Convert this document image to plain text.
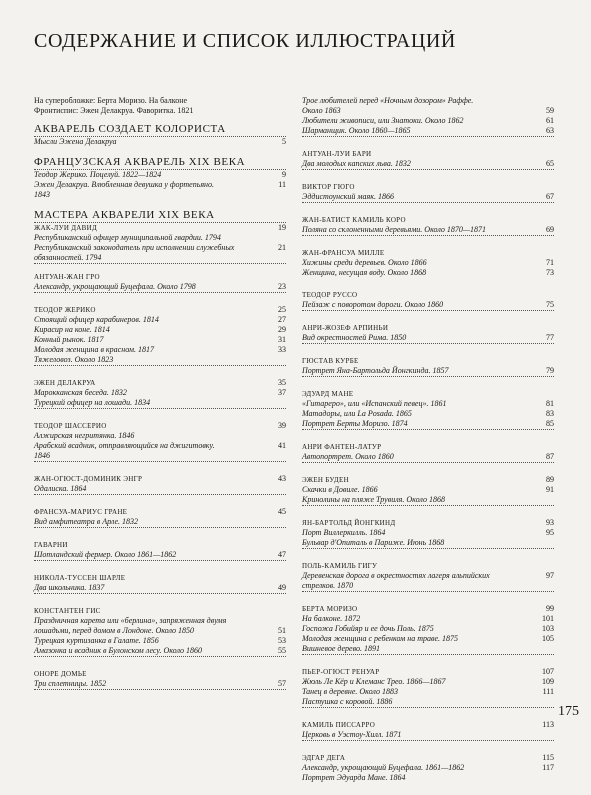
СОДЕРЖАНИЕ И СПИСОК ИЛЛЮСТРАЦИЙ
На суперобложке: Берта Моризо. На балконе
Фронтиспис: Эжен Делакруа. Фаворитка. 1821
АКВАРЕЛЬ СОЗДАЕТ КОЛОРИСТА
5
Мысли Эжена Делакруа
ФРАНЦУЗСКАЯ АКВАРЕЛЬ XIX ВЕКА
9
Теодор Жерико. Поцелуй. 1822—1824
11
Эжен Делакруа. Влюбленная девушка у фортепьяно.
1843
МАСТЕРА АКВАРЕЛИ XIX ВЕКА
19
ЖАК-ЛУИ ДАВИД
Республиканский офицер муниципальной гвардии. 1794
21
Республиканский законодатель при исполнении служебных
обязанностей. 1794
АНТУАН-ЖАН ГРО
23
Александр, укрощающий Буцефала. Около 1798
25
ТЕОДОР ЖЕРИКО
27
Стоящий офицер карабинеров. 1814
29
Кирасир на коне. 1814
31
Конный рынок. 1817
33
Молодая женщина в красном. 1817
Тяжеловоз. Около 1823
35
ЭЖЕН ДЕЛАКРУА
37
Марокканская беседа. 1832
Турецкий офицер на лошади. 1834
39
ТЕОДОР ШАССЕРИО
Алжирская негритянка. 1846
41
Арабский всадник, отправляющийся на джигитовку.
1846
43
ЖАН-ОГЮСТ-ДОМИНИК ЭНГР
Одалиска. 1864
45
ФРАНСУА-МАРИУС ГРАНЕ
Вид амфитеатра в Арле. 1832
ГАВАРНИ
47
Шотландский фермер. Около 1861—1862
НИКОЛА-ТУССЕН ШАРЛЕ
49
Два школьника. 1837
КОНСТАНТЕН ГИС
Праздничная карета или «берлина», запряженная двумя
51
лошадьми, перед домом в Лондоне. Около 1850
53
Турецкая куртизанка в Галате. 1856
55
Амазонка и всадник в Булонском лесу. Около 1860
ОНОРЕ ДОМЬЕ
57
Три сплетницы. 1852
Трое любителей перед «Ночным дозором» Раффе.
59
Около 1863
61
Любители живописи, или Знатоки. Около 1862
63
Шарманщик. Около 1860—1865
АНТУАН-ЛУИ БАРИ
65
Два молодых капских льва. 1832
ВИКТОР ГЮГО
67
Эддистоунский маяк. 1866
ЖАН-БАТИСТ КАМИЛЬ КОРО
69
Поляна со склоненными деревьями. Около 1870—1871
ЖАН-ФРАНСУА МИЛЛЕ
71
Хижины среди деревьев. Около 1866
73
Женщина, несущая воду. Около 1868
ТЕОДОР РУССО
75
Пейзаж с поворотом дороги. Около 1860
АНРИ-ЖОЗЕФ АРПИНЬИ
77
Вид окрестностей Рима. 1850
ГЮСТАВ КУРБЕ
79
Портрет Яна-Бартольда Йонгкинда. 1857
ЭДУАРД МАНЕ
81
«Гитареро», или «Испанский певец». 1861
83
Матадоры, или La Posada. 1865
85
Портрет Берты Моризо. 1874
АНРИ ФАНТЕН-ЛАТУР
87
Автопортрет. Около 1860
89
ЭЖЕН БУДЕН
91
Скачки в Довиле. 1866
Кринолины на пляже Трувиля. Около 1868
93
ЯН-БАРТОЛЬД ЙОНГКИНД
95
Порт Виллеркилль. 1864
Бульвар д'Опиталь в Париже. Июнь 1868
ПОЛЬ-КАМИЛЬ ГИГУ
97
Деревенская дорога в окрестностях лагеря альпийских
стрелков. 1870
99
БЕРТА МОРИЗО
101
На балконе. 1872
103
Госпожа Гобийяр и ее дочь Поль. 1875
105
Молодая женщина с ребенком на траве. 1875
Вишневое дерево. 1891
107
ПЬЕР-ОГЮСТ РЕНУАР
109
Жюль Ле Кёр и Клеманс Трео. 1866—1867
111
Танец в деревне. Около 1883
Пастушка с коровой. 1886
113
КАМИЛЬ ПИССАРРО
Церковь в Уэстоу-Хилл. 1871
115
ЭДГАР ДЕГА
117
Александр, укрощающий Буцефала. 1861—1862
Портрет Эдуарда Мане. 1864

175
